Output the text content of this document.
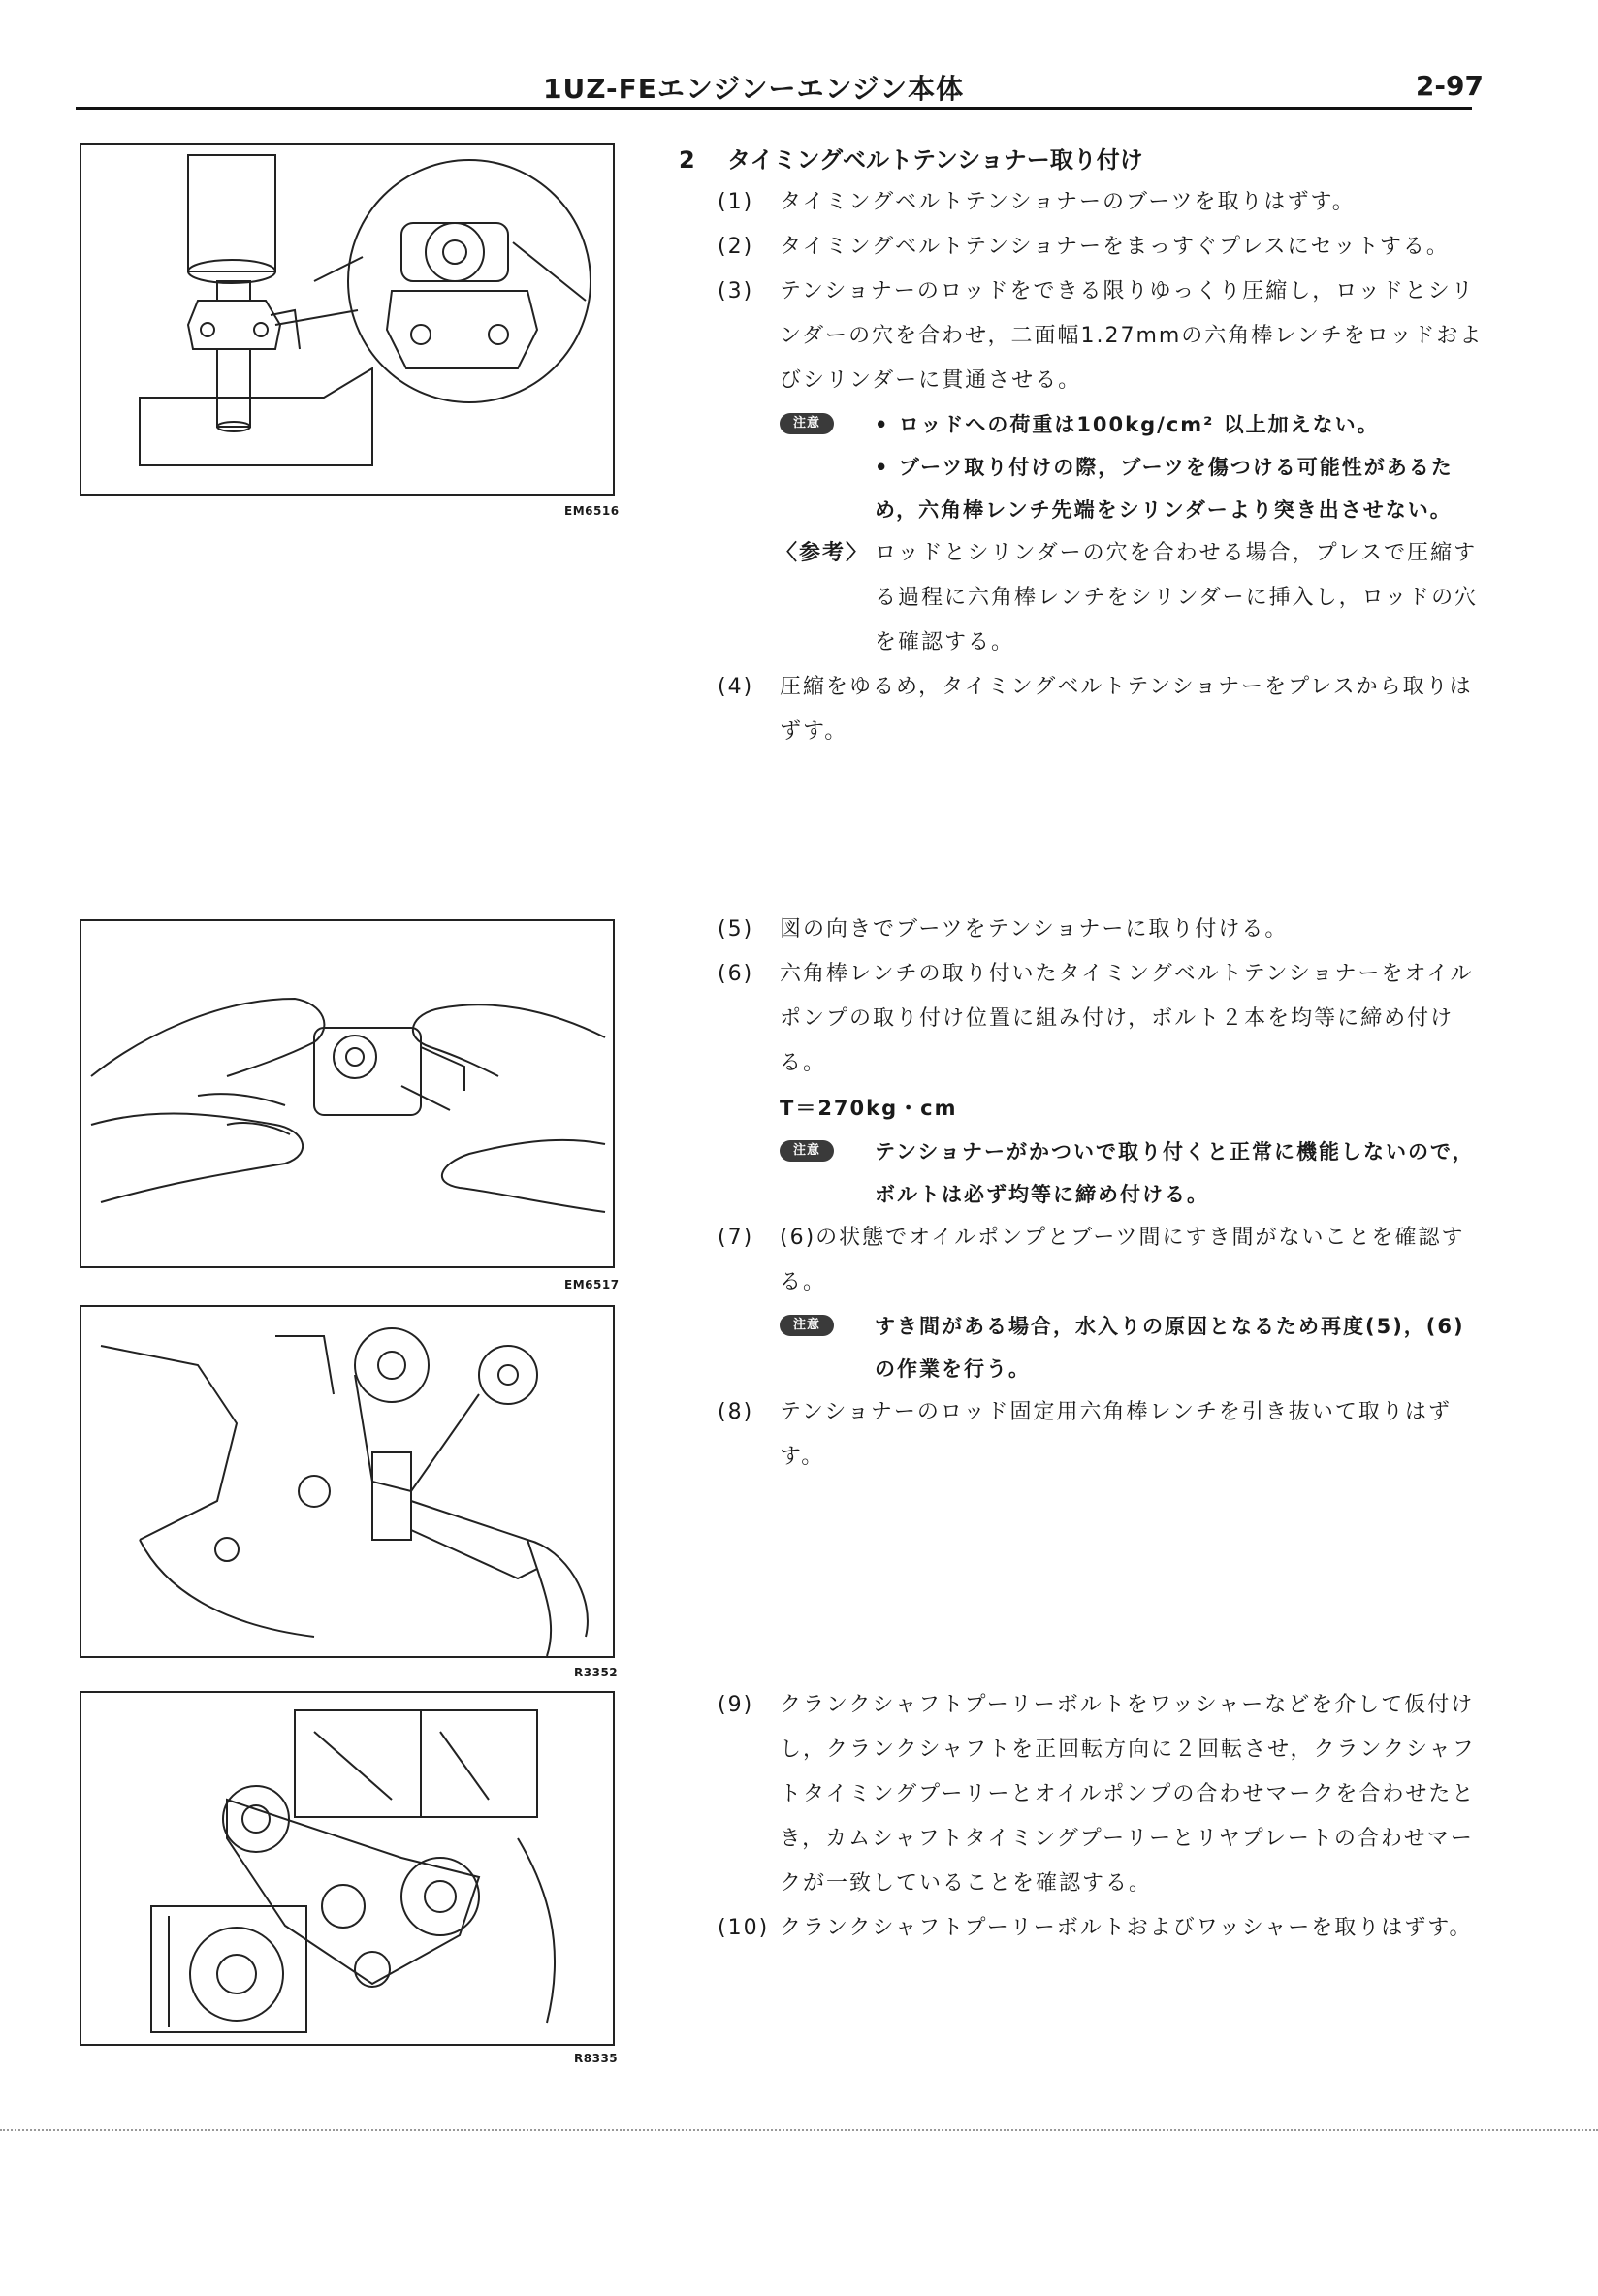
1UZ-FEエンジンーエンジン本体	2-97
EM6516
EM6517
R3352
R8335
2 タイミングベルトテンショナー取り付け
(1) タイミングベルトテンショナーのブーツを取りはずす。
(2) タイミングベルトテンショナーをまっすぐプレスにセットする。
(3) テンショナーのロッドをできる限りゆっくり圧縮し，ロッドとシリンダーの穴を合わせ，二面幅1.27mmの六角棒レンチをロッドおよびシリンダーに貫通させる。
注意	• ロッドへの荷重は100kg/cm² 以上加えない。
• ブーツ取り付けの際，ブーツを傷つける可能性があるため，六角棒レンチ先端をシリンダーより突き出させない。
〈参考〉 ロッドとシリンダーの穴を合わせる場合，プレスで圧縮する過程に六角棒レンチをシリンダーに挿入し，ロッドの穴を確認する。
(4) 圧縮をゆるめ，タイミングベルトテンショナーをプレスから取りはずす。
(5) 図の向きでブーツをテンショナーに取り付ける。
(6) 六角棒レンチの取り付いたタイミングベルトテンショナーをオイルポンプの取り付け位置に組み付け，ボルト２本を均等に締め付ける。
T＝270kg・cm
注意	テンショナーがかついで取り付くと正常に機能しないので，ボルトは必ず均等に締め付ける。
(7) (6)の状態でオイルポンプとブーツ間にすき間がないことを確認する。
注意	すき間がある場合，水入りの原因となるため再度(5)，(6)の作業を行う。
(8) テンショナーのロッド固定用六角棒レンチを引き抜いて取りはずす。
(9) クランクシャフトプーリーボルトをワッシャーなどを介して仮付けし，クランクシャフトを正回転方向に２回転させ，クランクシャフトタイミングプーリーとオイルポンプの合わせマークを合わせたとき，カムシャフトタイミングプーリーとリヤプレートの合わせマークが一致していることを確認する。
(10) クランクシャフトプーリーボルトおよびワッシャーを取りはずす。
